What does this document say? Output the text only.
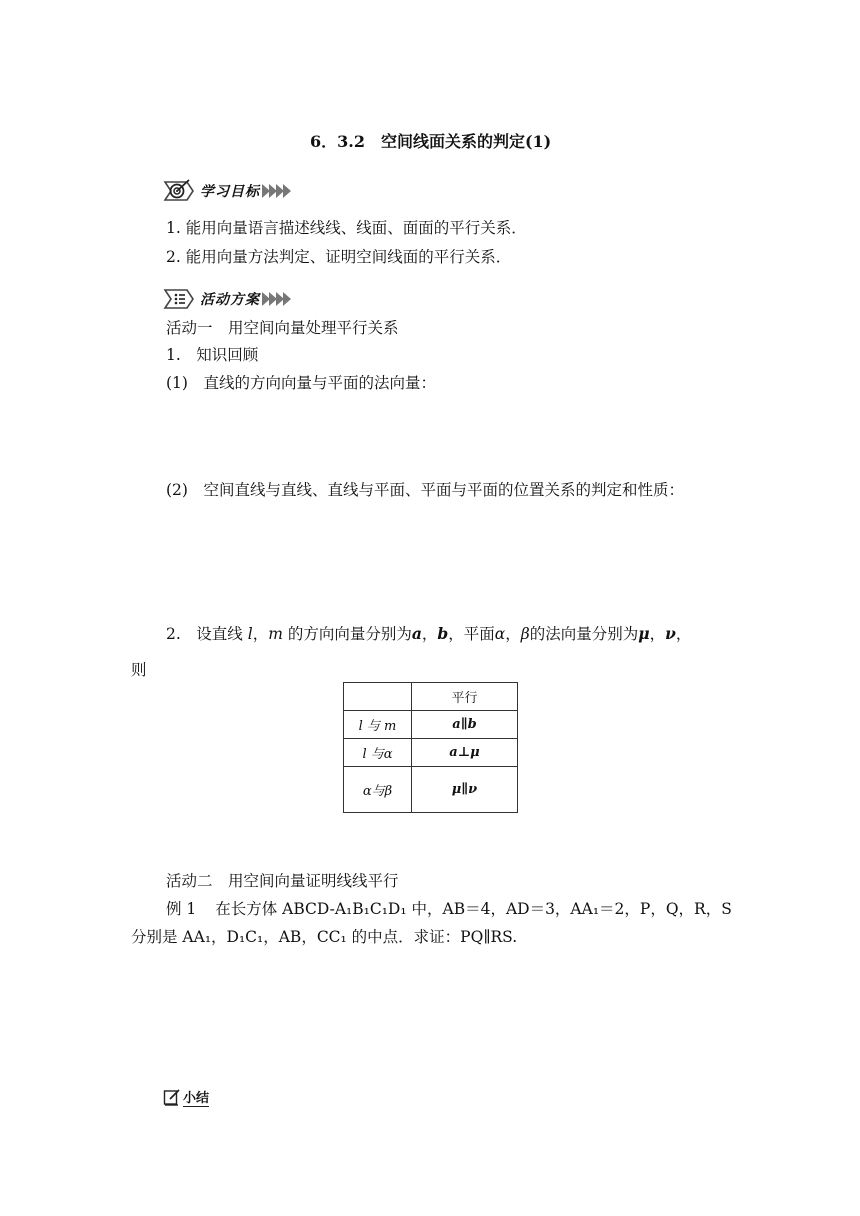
6．3.2　空间线面关系的判定(1)
学习目标
1. 能用向量语言描述线线、线面、面面的平行关系．
2. 能用向量方法判定、证明空间线面的平行关系．
活动方案
活动一　用空间向量处理平行关系
1.　知识回顾
(1)　直线的方向向量与平面的法向量：
(2)　空间直线与直线、直线与平面、平面与平面的位置关系的判定和性质：
2.　设直线 l，m 的方向向量分别为a，b，平面α，β的法向量分别为μ，ν，
则
	平行
l 与 m	a∥b
l 与α	a⊥μ
α与β	μ∥ν
活动二　用空间向量证明线线平行
例 1 在长方体 ABCD-A₁B₁C₁D₁ 中，AB＝4，AD＝3，AA₁＝2，P，Q，R，S
分别是 AA₁，D₁C₁，AB，CC₁ 的中点．求证：PQ∥RS.
小结
